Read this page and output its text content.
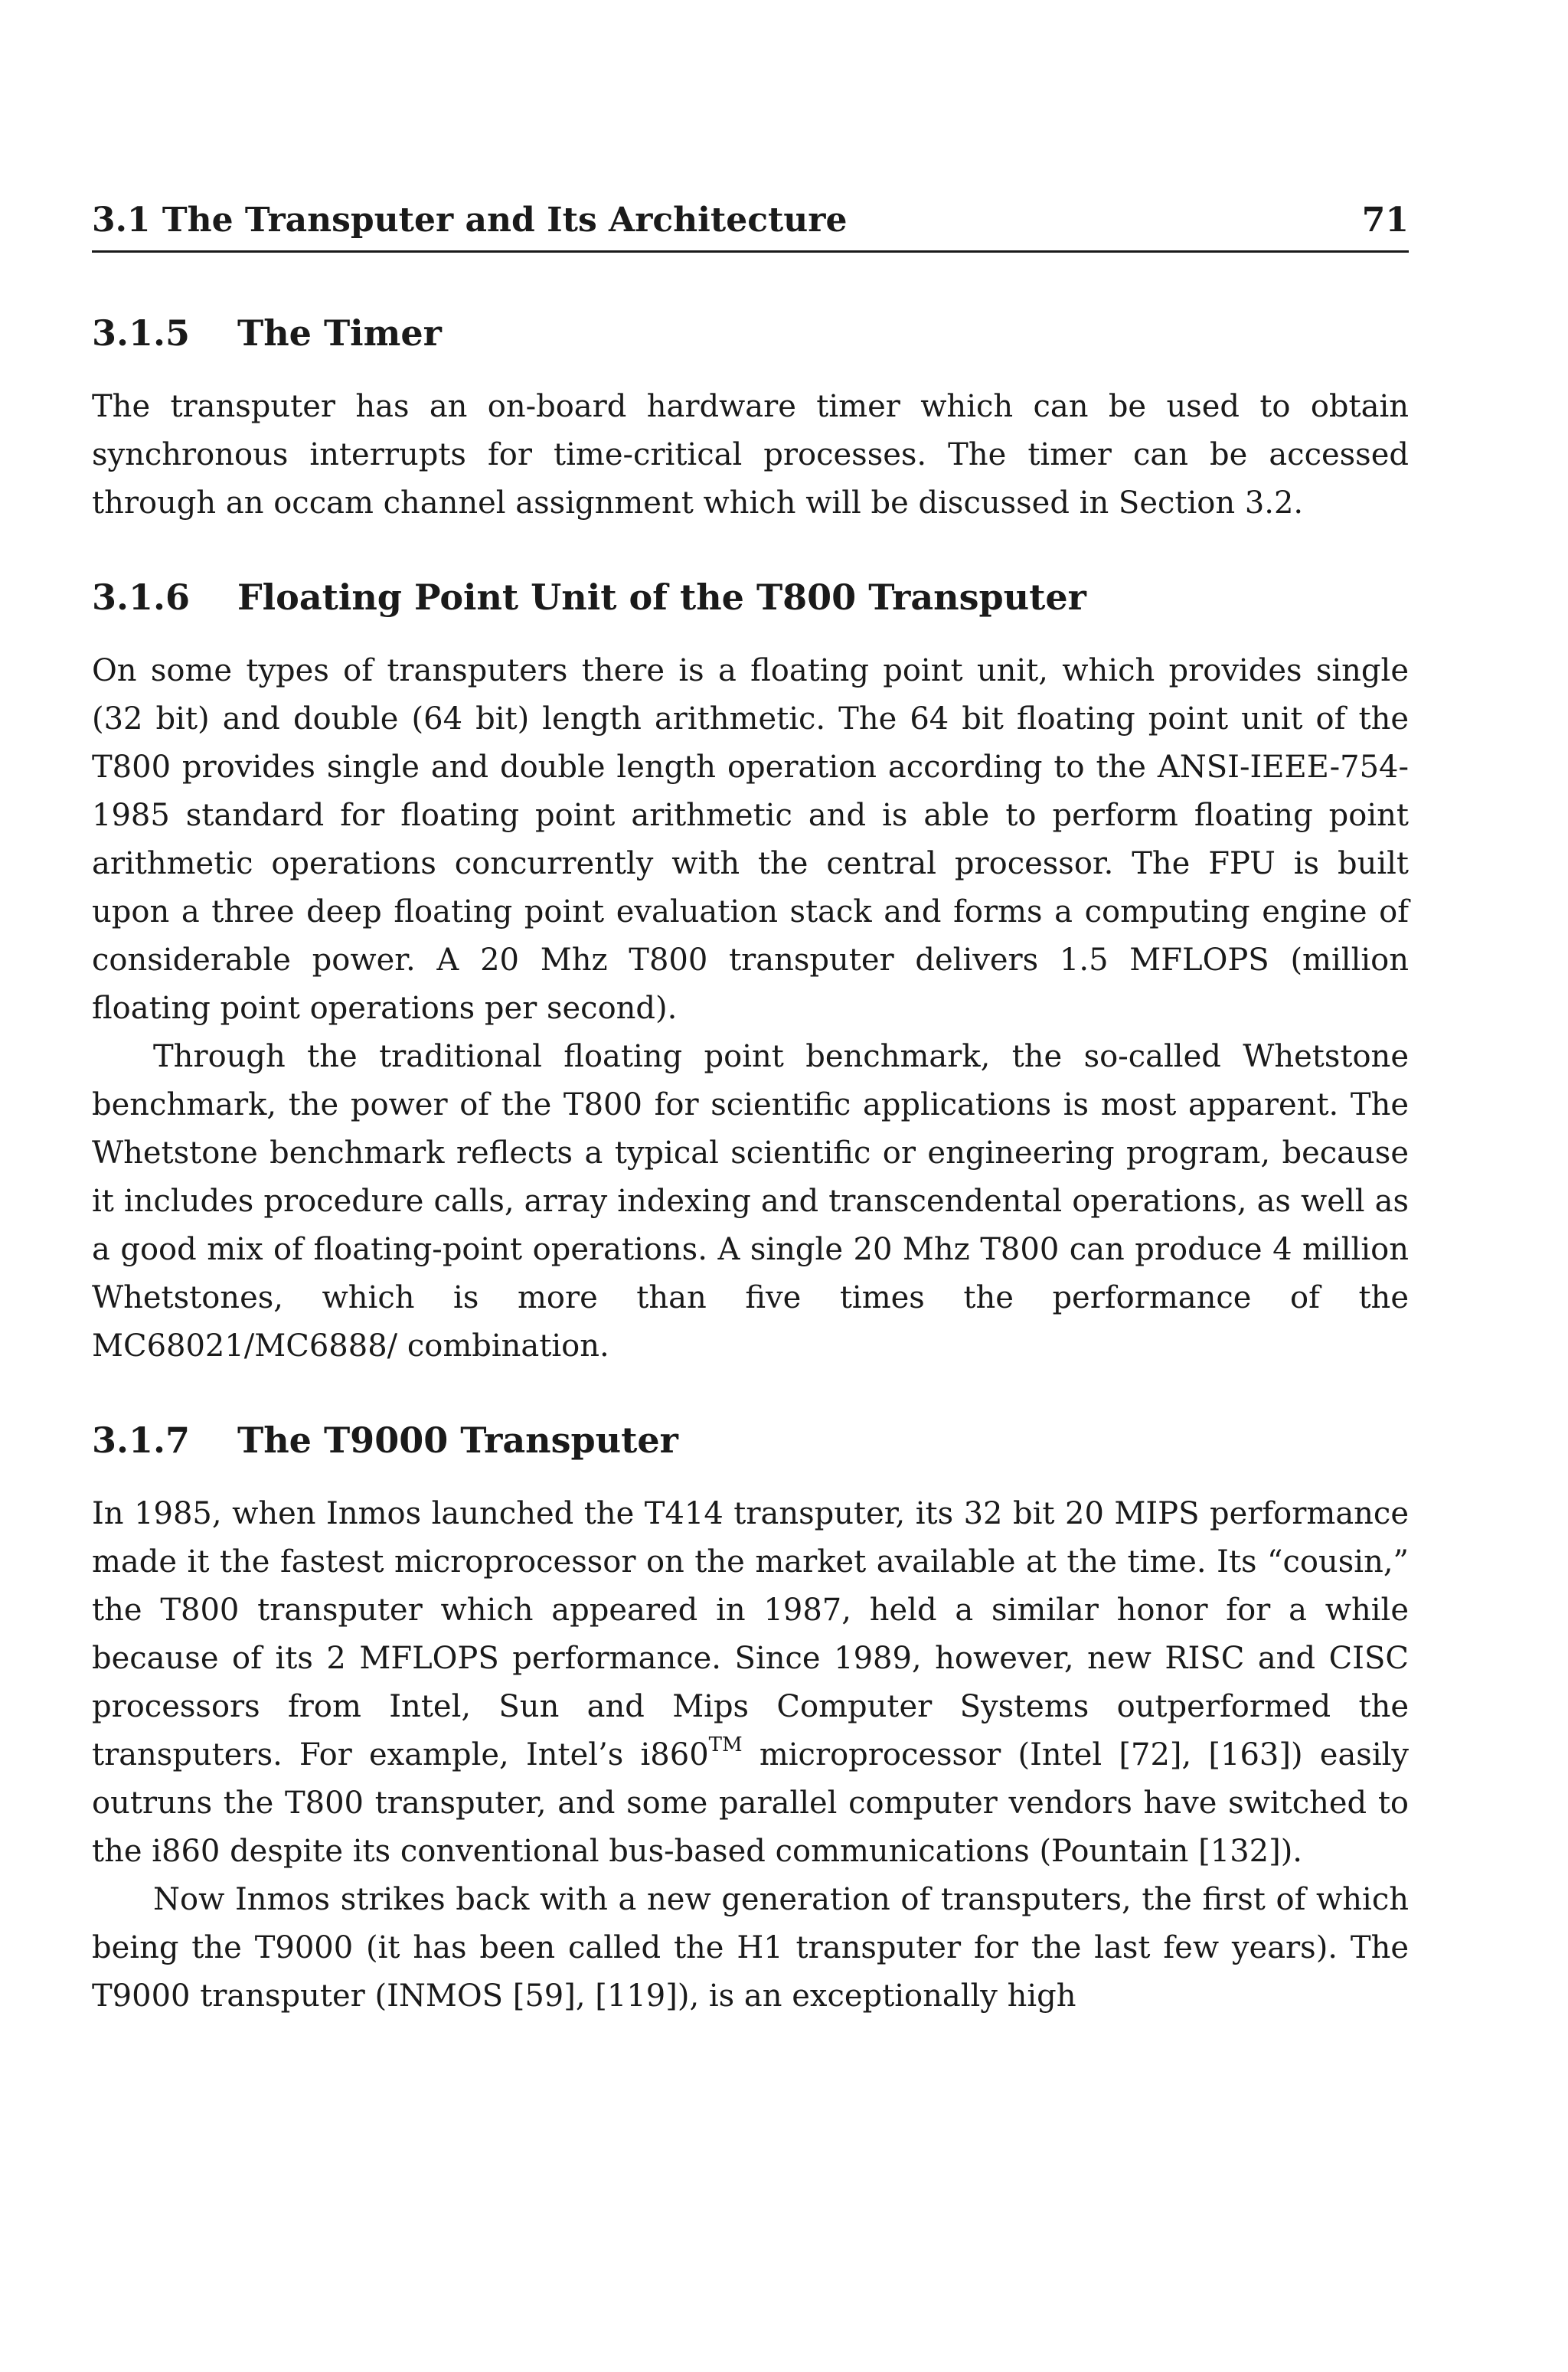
3.1 The Transputer and Its Architecture	71
3.1.5 The Timer

The transputer has an on-board hardware timer which can be used to obtain synchronous interrupts for time-critical processes. The timer can be accessed through an occam channel assignment which will be discussed in Section 3.2.

3.1.6 Floating Point Unit of the T800 Transputer

On some types of transputers there is a floating point unit, which provides single (32 bit) and double (64 bit) length arithmetic. The 64 bit floating point unit of the T800 provides single and double length operation according to the ANSI-IEEE-754-1985 standard for floating point arithmetic and is able to perform floating point arithmetic operations concurrently with the central processor. The FPU is built upon a three deep floating point evaluation stack and forms a computing engine of considerable power. A 20 Mhz T800 transputer delivers 1.5 MFLOPS (million floating point operations per second).

Through the traditional floating point benchmark, the so-called Whetstone benchmark, the power of the T800 for scientific applications is most apparent. The Whetstone benchmark reflects a typical scientific or engineering program, because it includes procedure calls, array indexing and transcendental operations, as well as a good mix of floating-point operations. A single 20 Mhz T800 can produce 4 million Whetstones, which is more than five times the performance of the MC68021/MC6888/ combination.

3.1.7 The T9000 Transputer

In 1985, when Inmos launched the T414 transputer, its 32 bit 20 MIPS performance made it the fastest microprocessor on the market available at the time. Its “cousin,” the T800 transputer which appeared in 1987, held a similar honor for a while because of its 2 MFLOPS performance. Since 1989, however, new RISC and CISC processors from Intel, Sun and Mips Computer Systems outperformed the transputers. For example, Intel’s i860™ microprocessor (Intel [72], [163]) easily outruns the T800 transputer, and some parallel computer vendors have switched to the i860 despite its conventional bus-based communications (Pountain [132]).

Now Inmos strikes back with a new generation of transputers, the first of which being the T9000 (it has been called the H1 transputer for the last few years). The T9000 transputer (INMOS [59], [119]), is an exceptionally high
